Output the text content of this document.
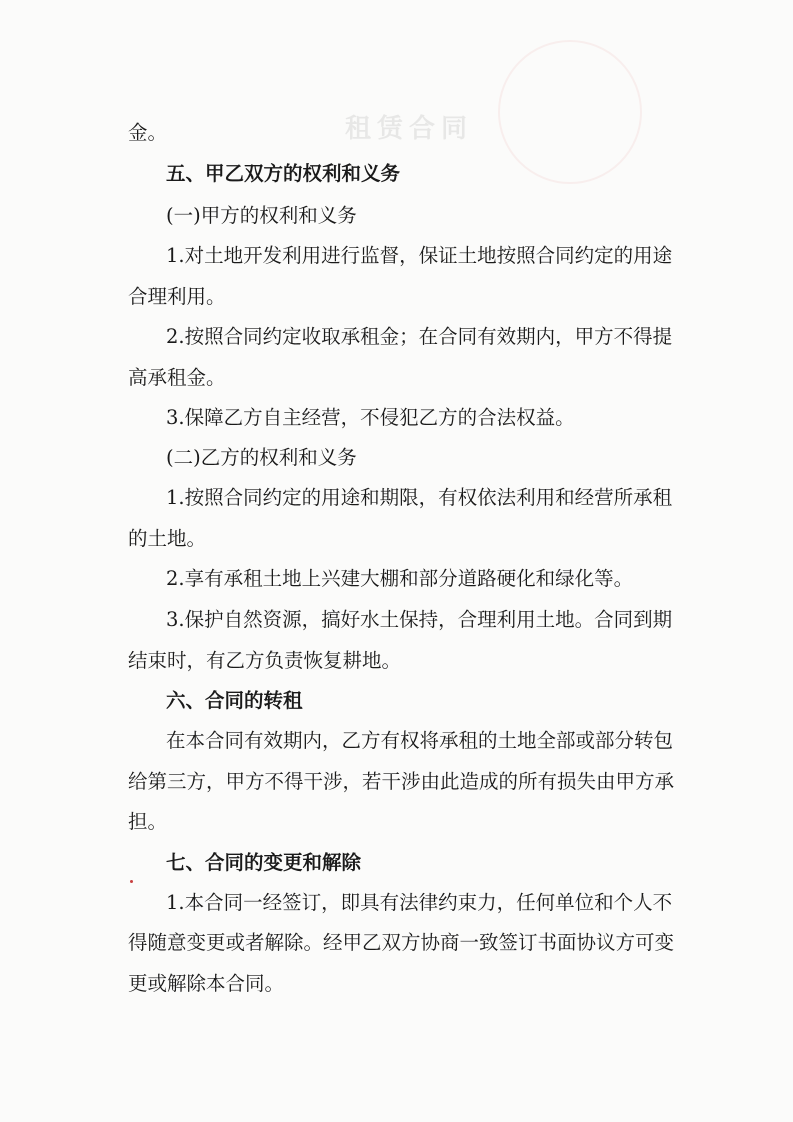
租赁合同
金。
五、甲乙双方的权利和义务
(一)甲方的权利和义务
1.对土地开发利用进行监督，保证土地按照合同约定的用途
合理利用。
2.按照合同约定收取承租金；在合同有效期内，甲方不得提
高承租金。
3.保障乙方自主经营，不侵犯乙方的合法权益。
(二)乙方的权利和义务
1.按照合同约定的用途和期限，有权依法利用和经营所承租
的土地。
2.享有承租土地上兴建大棚和部分道路硬化和绿化等。
3.保护自然资源，搞好水土保持，合理利用土地。合同到期
结束时，有乙方负责恢复耕地。
六、合同的转租
在本合同有效期内，乙方有权将承租的土地全部或部分转包
给第三方，甲方不得干涉，若干涉由此造成的所有损失由甲方承
担。
七、合同的变更和解除
1.本合同一经签订，即具有法律约束力，任何单位和个人不
得随意变更或者解除。经甲乙双方协商一致签订书面协议方可变
更或解除本合同。
